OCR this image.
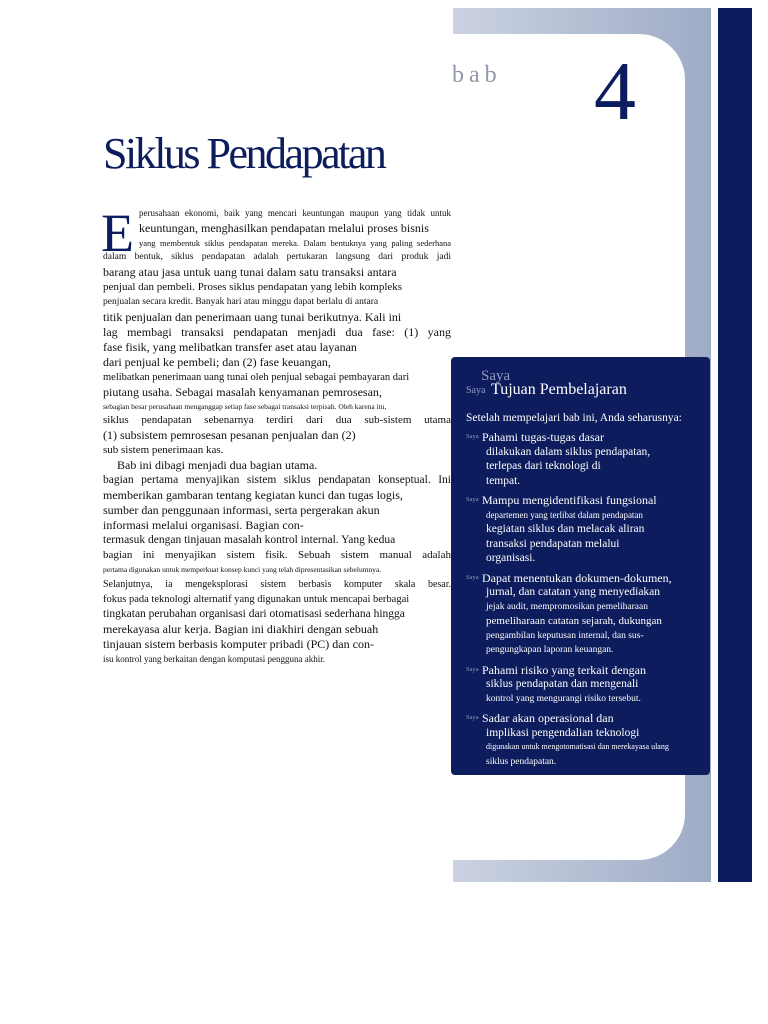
bab 4
Siklus Pendapatan
E perusahaan ekonomi, baik yang mencari keuntungan maupun yang tidak untuk
keuntungan, menghasilkan pendapatan melalui proses bisnis
yang membentuk siklus pendapatan mereka. Dalam bentuknya yang paling sederhana
dalam bentuk, siklus pendapatan adalah pertukaran langsung dari produk jadi
barang atau jasa untuk uang tunai dalam satu transaksi antara
penjual dan pembeli. Proses siklus pendapatan yang lebih kompleks
penjualan secara kredit. Banyak hari atau minggu dapat berlalu di antara
titik penjualan dan penerimaan uang tunai berikutnya. Kali ini
lag membagi transaksi pendapatan menjadi dua fase: (1) yang
fase fisik, yang melibatkan transfer aset atau layanan
dari penjual ke pembeli; dan (2) fase keuangan,
melibatkan penerimaan uang tunai oleh penjual sebagai pembayaran dari
piutang usaha. Sebagai masalah kenyamanan pemrosesan,
sebagian besar perusahaan menganggap setiap fase sebagai transaksi terpisah. Oleh karena itu,
siklus pendapatan sebenarnya terdiri dari dua sub-sistem utama
(1) subsistem pemrosesan pesanan penjualan dan (2)
sub sistem penerimaan kas.
Bab ini dibagi menjadi dua bagian utama.
bagian pertama menyajikan sistem siklus pendapatan konseptual. Ini
memberikan gambaran tentang kegiatan kunci dan tugas logis,
sumber dan penggunaan informasi, serta pergerakan akun
informasi melalui organisasi. Bagian con-
termasuk dengan tinjauan masalah kontrol internal. Yang kedua
bagian ini menyajikan sistem fisik. Sebuah sistem manual adalah
pertama digunakan untuk memperkuat konsep kunci yang telah dipresentasikan sebelumnya.
Selanjutnya, ia mengeksplorasi sistem berbasis komputer skala besar.
fokus pada teknologi alternatif yang digunakan untuk mencapai berbagai
tingkatan perubahan organisasi dari otomatisasi sederhana hingga
merekayasa alur kerja. Bagian ini diakhiri dengan sebuah
tinjauan sistem berbasis komputer pribadi (PC) dan con-
isu kontrol yang berkaitan dengan komputasi pengguna akhir.
Saya
Saya Tujuan Pembelajaran
Setelah mempelajari bab ini, Anda seharusnya:
Saya Pahami tugas-tugas dasar
dilakukan dalam siklus pendapatan,
terlepas dari teknologi di
tempat.
Saya Mampu mengidentifikasi fungsional
departemen yang terlibat dalam pendapatan
kegiatan siklus dan melacak aliran
transaksi pendapatan melalui
organisasi.
Saya Dapat menentukan dokumen-dokumen,
jurnal, dan catatan yang menyediakan
jejak audit, mempromosikan pemeliharaan
pemeliharaan catatan sejarah, dukungan
pengambilan keputusan internal, dan sus-
pengungkapan laporan keuangan.
Saya Pahami risiko yang terkait dengan
siklus pendapatan dan mengenali
kontrol yang mengurangi risiko tersebut.
Saya Sadar akan operasional dan
implikasi pengendalian teknologi
digunakan untuk mengotomatisasi dan merekayasa ulang
siklus pendapatan.
